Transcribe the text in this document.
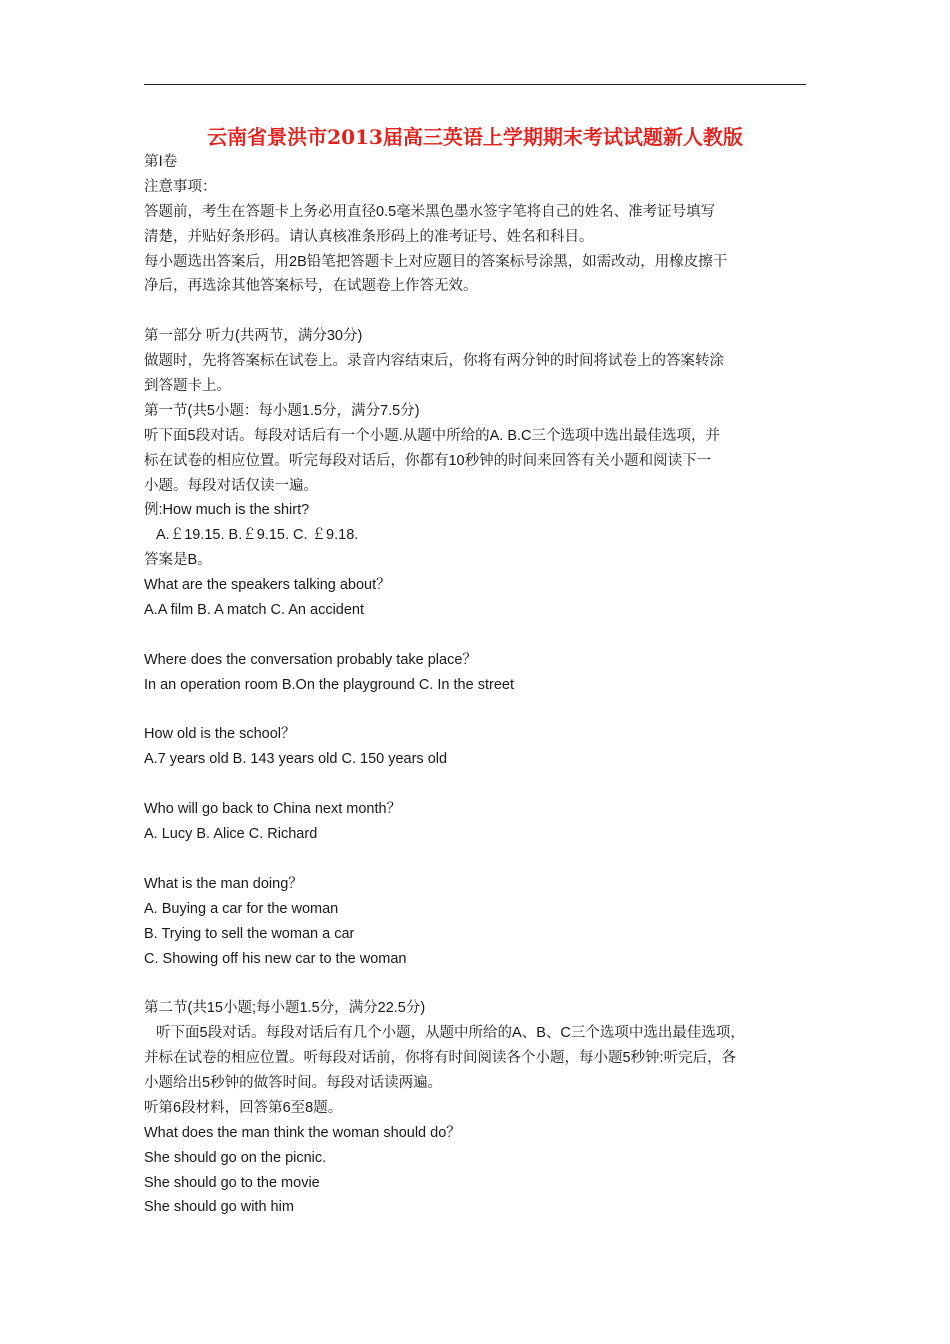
云南省景洪市2013届高三英语上学期期末考试试题新人教版
第Ⅰ卷
注意事项：
答题前，考生在答题卡上务必用直径0.5毫米黑色墨水签字笔将自己的姓名、准考证号填写
清楚，并贴好条形码。请认真核准条形码上的准考证号、姓名和科目。
每小题选出答案后，用2B铅笔把答题卡上对应题目的答案标号涂黑，如需改动，用橡皮擦干
净后，再选涂其他答案标号，在试题卷上作答无效。
第一部分 听力(共两节，满分30分)
做题时，先将答案标在试卷上。录音内容结束后，你将有两分钟的时间将试卷上的答案转涂
到答题卡上。
第一节(共5小题：每小题1.5分，满分7.5分)
听下面5段对话。每段对话后有一个小题.从题中所给的A. B.C三个选项中选出最佳选项，并
标在试卷的相应位置。听完每段对话后，你都有10秒钟的时间来回答有关小题和阅读下一
小题。每段对话仅读一遍。
例:How much is the shirt?
A.￡19.15. B.￡9.15. C. ￡9.18.
答案是B。
What are the speakers talking about？
A.A film B. A match C. An accident
Where does the conversation probably take place？
In an operation room B.On the playground C. In the street
How old is the school？
A.7 years old B. 143 years old C. 150 years old
Who will go back to China next month？
A. Lucy B. Alice C. Richard
What is the man doing？
A. Buying a car for the woman
B. Trying to sell the woman a car
C. Showing off his new car to the woman
第二节(共15小题;每小题1.5分，满分22.5分)
听下面5段对话。每段对话后有几个小题，从题中所给的A、B、C三个选项中选出最佳选项，
并标在试卷的相应位置。听每段对话前，你将有时间阅读各个小题，每小题5秒钟:听完后，各
小题给出5秒钟的做答时间。每段对话读两遍。
听第6段材料，回答第6至8题。
What does the man think the woman should do？
She should go on the picnic.
She should go to the movie
She should go with him
